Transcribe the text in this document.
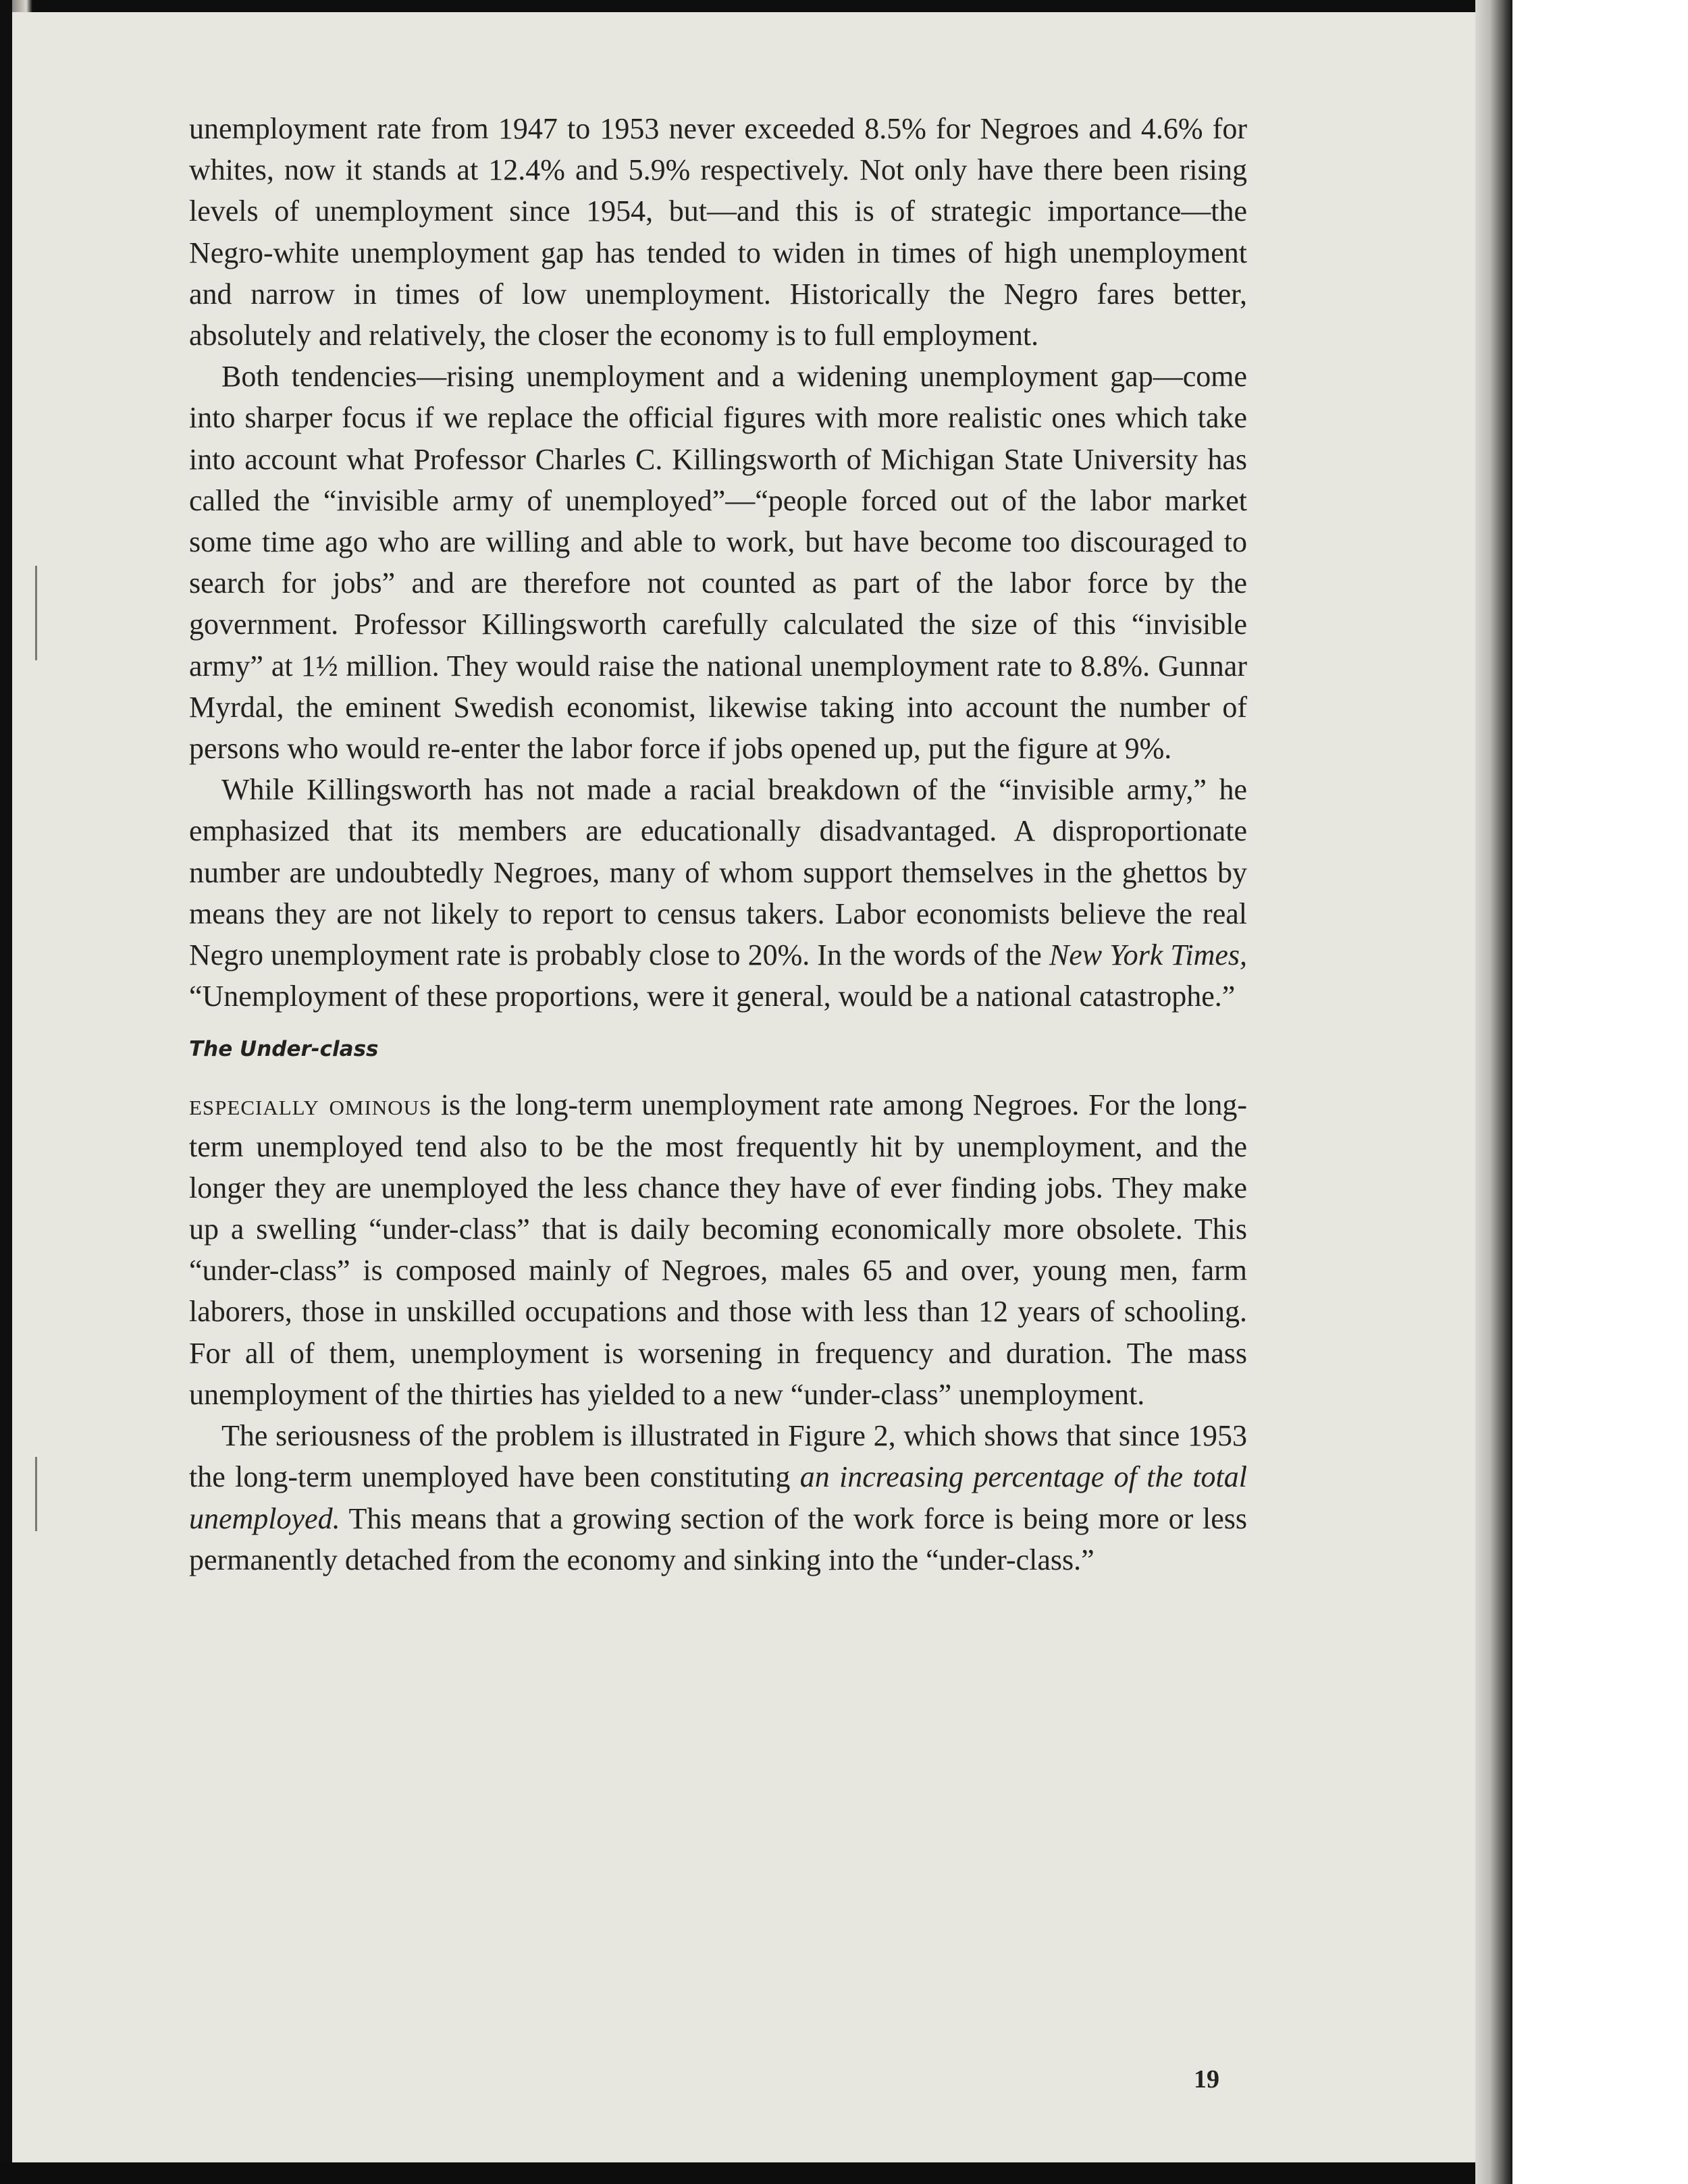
unemployment rate from 1947 to 1953 never exceeded 8.5% for Negroes and 4.6% for whites, now it stands at 12.4% and 5.9% respectively. Not only have there been rising levels of unemployment since 1954, but—and this is of strategic importance—the Negro-white unemployment gap has tended to widen in times of high unemployment and narrow in times of low unemployment. Historically the Negro fares better, absolutely and relatively, the closer the economy is to full employment.

Both tendencies—rising unemployment and a widening unemployment gap—come into sharper focus if we replace the official figures with more realistic ones which take into account what Professor Charles C. Killingsworth of Michigan State University has called the “invisible army of unemployed”—“people forced out of the labor market some time ago who are willing and able to work, but have become too discouraged to search for jobs” and are therefore not counted as part of the labor force by the government. Professor Killingsworth carefully calculated the size of this “invisible army” at 1½ million. They would raise the national unemployment rate to 8.8%. Gunnar Myrdal, the eminent Swedish economist, likewise taking into account the number of persons who would re-enter the labor force if jobs opened up, put the figure at 9%.

While Killingsworth has not made a racial breakdown of the “invisible army,” he emphasized that its members are educationally disadvantaged. A disproportionate number are undoubtedly Negroes, many of whom support themselves in the ghettos by means they are not likely to report to census takers. Labor economists believe the real Negro unemployment rate is probably close to 20%. In the words of the New York Times, “Unemployment of these proportions, were it general, would be a national catastrophe.”

The Under-class

especially ominous is the long-term unemployment rate among Negroes. For the long-term unemployed tend also to be the most frequently hit by unemployment, and the longer they are unemployed the less chance they have of ever finding jobs. They make up a swelling “under-class” that is daily becoming economically more obsolete. This “under-class” is composed mainly of Negroes, males 65 and over, young men, farm laborers, those in unskilled occupations and those with less than 12 years of schooling. For all of them, unemployment is worsening in frequency and duration. The mass unemployment of the thirties has yielded to a new “under-class” unemployment.

The seriousness of the problem is illustrated in Figure 2, which shows that since 1953 the long-term unemployed have been constituting an increasing percentage of the total unemployed. This means that a growing section of the work force is being more or less permanently detached from the economy and sinking into the “under-class.”

19
